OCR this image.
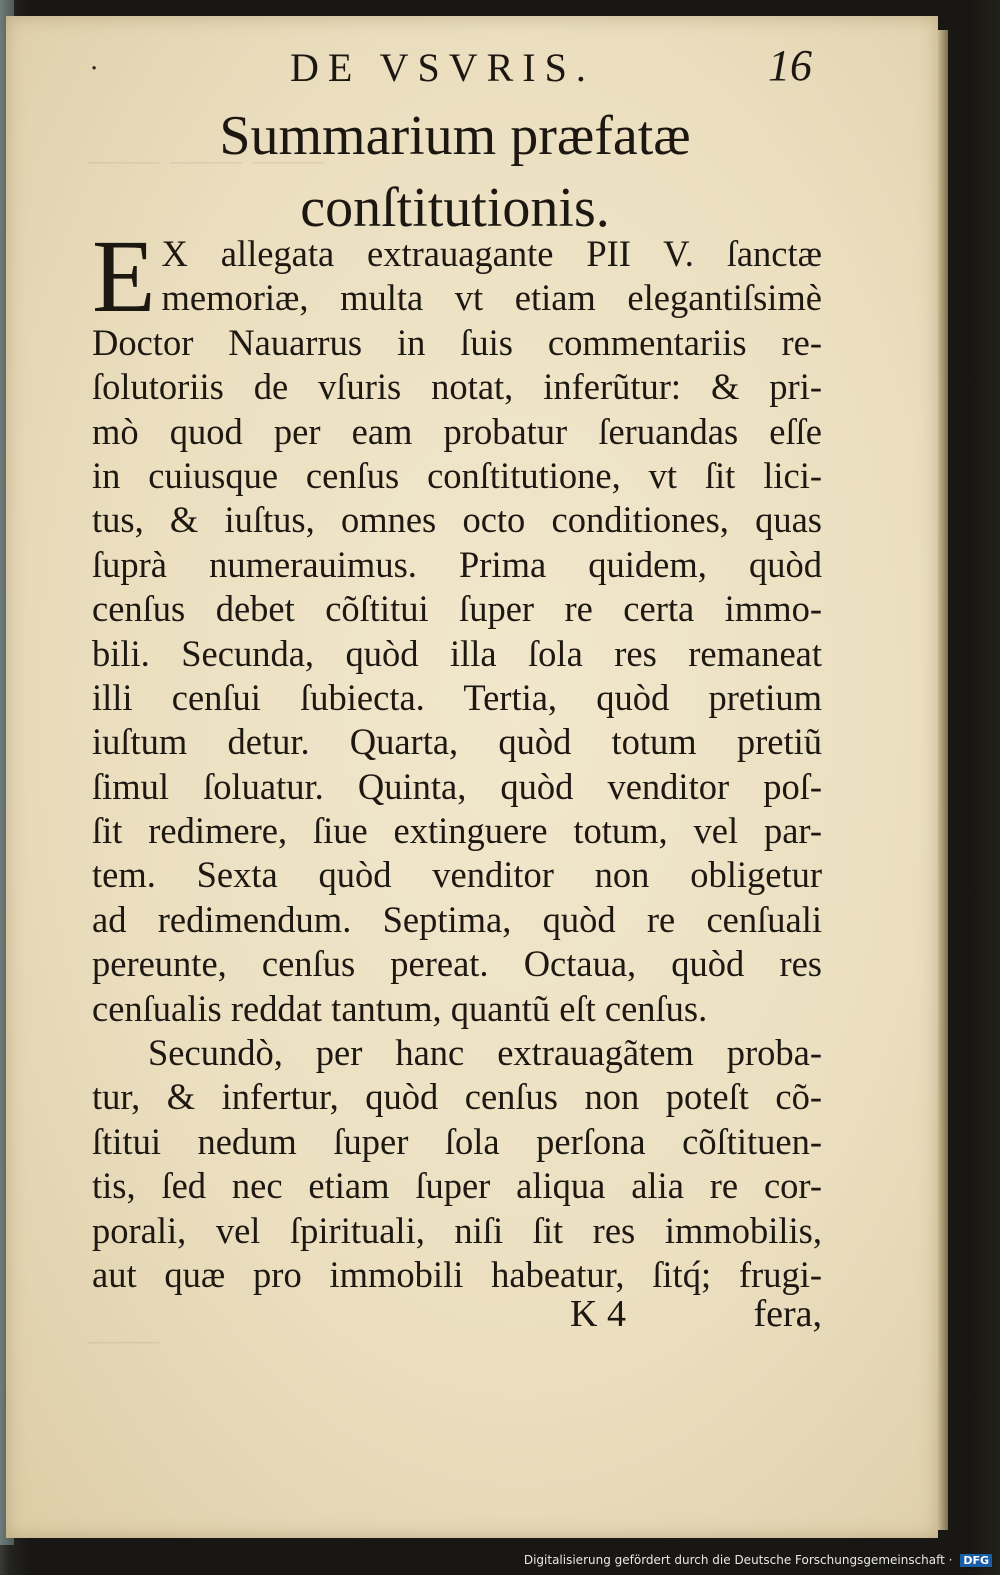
⸻ ⸻ ⸻
⸻
·	DE VSVRIS.	16
Summarium præfatæ
conſtitutionis.
E X allegata extrauagante PII V. ſanctæ
memoriæ, multa vt etiam elegantiſsimè
Doctor Nauarrus in ſuis commentariis re-
ſolutoriis de vſuris notat, inferũtur: & pri-
mò quod per eam probatur ſeruandas eſſe
in cuiusque cenſus conſtitutione, vt ſit lici-
tus, & iuſtus, omnes octo conditiones, quas
ſuprà numerauimus. Prima quidem, quòd
cenſus debet cõſtitui ſuper re certa immo-
bili. Secunda, quòd illa ſola res remaneat
illi cenſui ſubiecta. Tertia, quòd pretium
iuſtum detur. Quarta, quòd totum pretiũ
ſimul ſoluatur. Quinta, quòd venditor poſ-
ſit redimere, ſiue extinguere totum, vel par-
tem. Sexta quòd venditor non obligetur
ad redimendum. Septima, quòd re cenſuali
pereunte, cenſus pereat. Octaua, quòd res
cenſualis reddat tantum, quantũ eſt cenſus.
Secundò, per hanc extrauagãtem proba-
tur, & infertur, quòd cenſus non poteſt cõ-
ſtitui nedum ſuper ſola perſona cõſtituen-
tis, ſed nec etiam ſuper aliqua alia re cor-
porali, vel ſpirituali, niſi ſit res immobilis,
aut quæ pro immobili habeatur, ſitq́; frugi-
K 4	fera,
Digitalisierung gefördert durch die Deutsche Forschungsgemeinschaft · DFG
